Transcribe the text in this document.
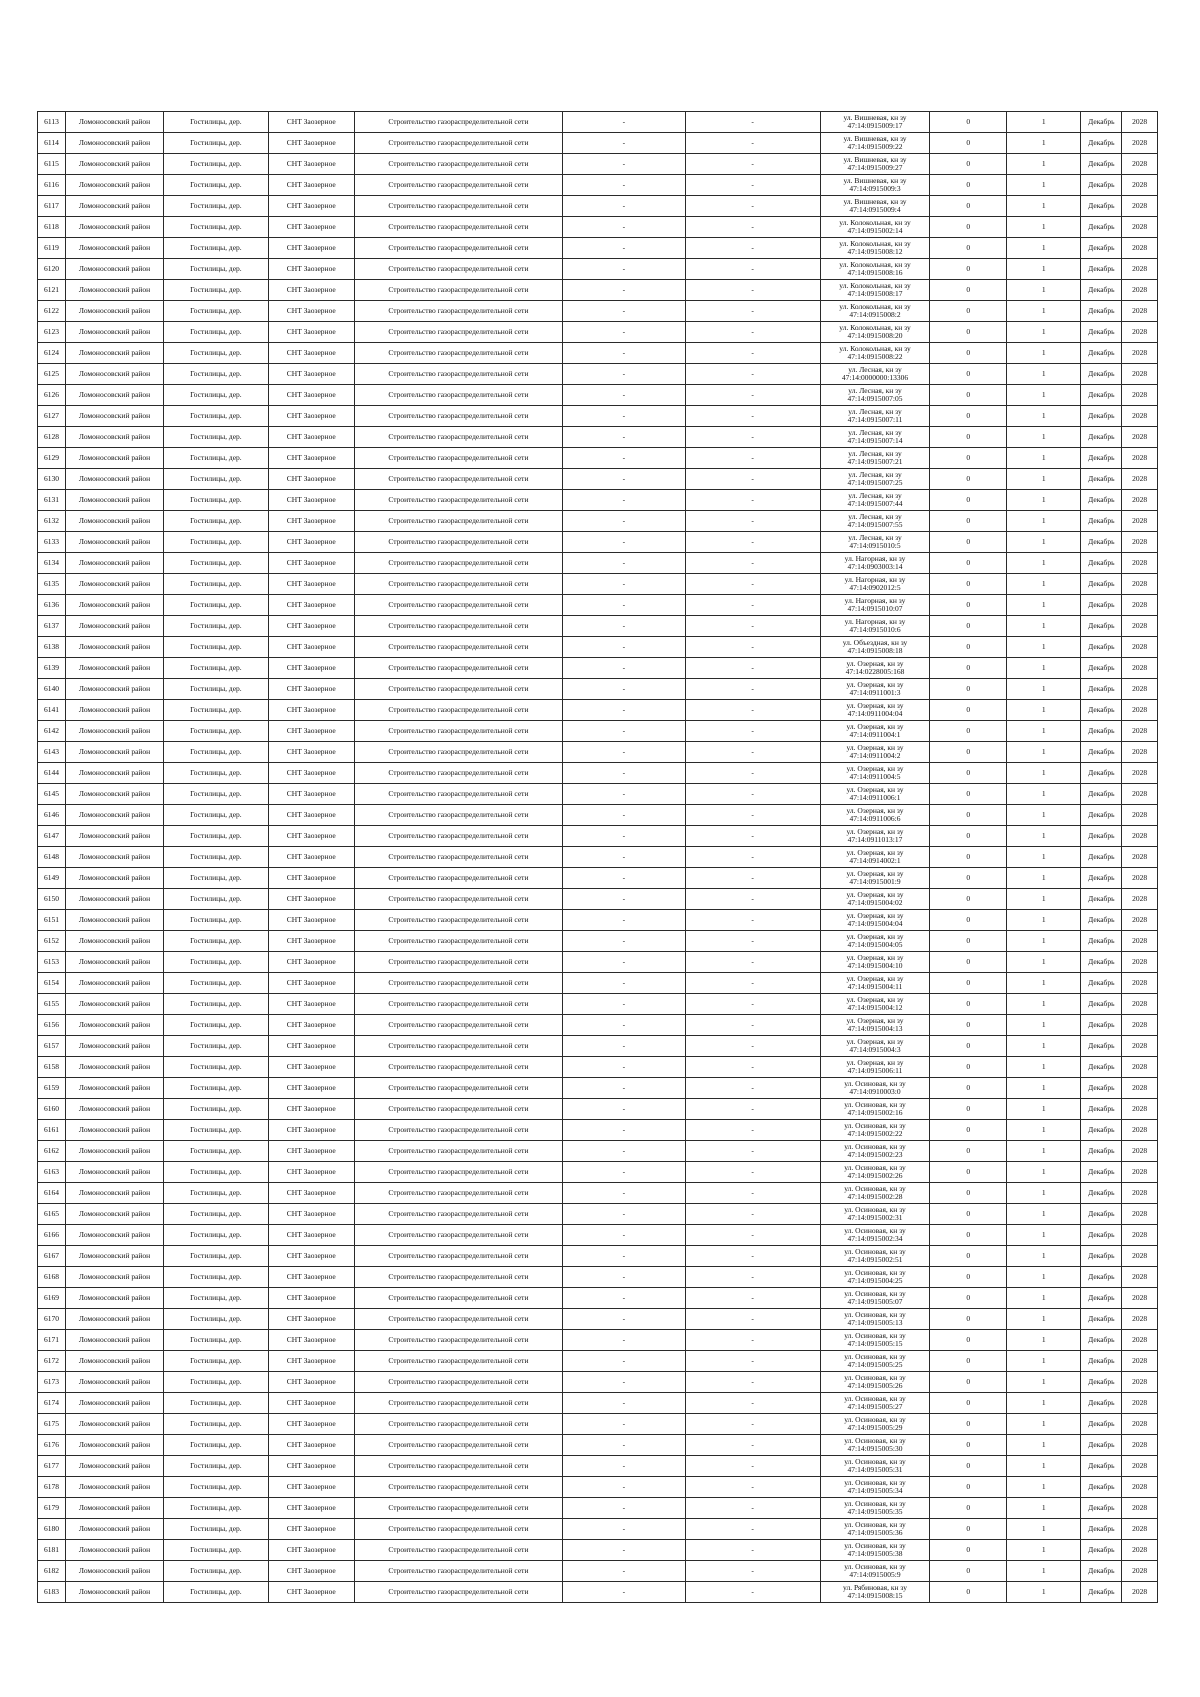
6113	Ломоносовский район	Гостилицы, дер.	СНТ Заозерное	Строительство газораспределительной сети	-	-	ул. Вишневая, кн зу 47:14:0915009:17	0	1	Декабрь	2028
6114	Ломоносовский район	Гостилицы, дер.	СНТ Заозерное	Строительство газораспределительной сети	-	-	ул. Вишневая, кн зу 47:14:0915009:22	0	1	Декабрь	2028
6115	Ломоносовский район	Гостилицы, дер.	СНТ Заозерное	Строительство газораспределительной сети	-	-	ул. Вишневая, кн зу 47:14:0915009:27	0	1	Декабрь	2028
6116	Ломоносовский район	Гостилицы, дер.	СНТ Заозерное	Строительство газораспределительной сети	-	-	ул. Вишневая, кн зу 47:14:0915009:3	0	1	Декабрь	2028
6117	Ломоносовский район	Гостилицы, дер.	СНТ Заозерное	Строительство газораспределительной сети	-	-	ул. Вишневая, кн зу 47:14:0915009:4	0	1	Декабрь	2028
6118	Ломоносовский район	Гостилицы, дер.	СНТ Заозерное	Строительство газораспределительной сети	-	-	ул. Колокольная, кн зу 47:14:0915002:14	0	1	Декабрь	2028
6119	Ломоносовский район	Гостилицы, дер.	СНТ Заозерное	Строительство газораспределительной сети	-	-	ул. Колокольная, кн зу 47:14:0915008:12	0	1	Декабрь	2028
6120	Ломоносовский район	Гостилицы, дер.	СНТ Заозерное	Строительство газораспределительной сети	-	-	ул. Колокольная, кн зу 47:14:0915008:16	0	1	Декабрь	2028
6121	Ломоносовский район	Гостилицы, дер.	СНТ Заозерное	Строительство газораспределительной сети	-	-	ул. Колокольная, кн зу 47:14:0915008:17	0	1	Декабрь	2028
6122	Ломоносовский район	Гостилицы, дер.	СНТ Заозерное	Строительство газораспределительной сети	-	-	ул. Колокольная, кн зу 47:14:0915008:2	0	1	Декабрь	2028
6123	Ломоносовский район	Гостилицы, дер.	СНТ Заозерное	Строительство газораспределительной сети	-	-	ул. Колокольная, кн зу 47:14:0915008:20	0	1	Декабрь	2028
6124	Ломоносовский район	Гостилицы, дер.	СНТ Заозерное	Строительство газораспределительной сети	-	-	ул. Колокольная, кн зу 47:14:0915008:22	0	1	Декабрь	2028
6125	Ломоносовский район	Гостилицы, дер.	СНТ Заозерное	Строительство газораспределительной сети	-	-	ул. Лесная, кн зу 47:14:0000000:13306	0	1	Декабрь	2028
6126	Ломоносовский район	Гостилицы, дер.	СНТ Заозерное	Строительство газораспределительной сети	-	-	ул. Лесная, кн зу 47:14:0915007:05	0	1	Декабрь	2028
6127	Ломоносовский район	Гостилицы, дер.	СНТ Заозерное	Строительство газораспределительной сети	-	-	ул. Лесная, кн зу 47:14:0915007:11	0	1	Декабрь	2028
6128	Ломоносовский район	Гостилицы, дер.	СНТ Заозерное	Строительство газораспределительной сети	-	-	ул. Лесная, кн зу 47:14:0915007:14	0	1	Декабрь	2028
6129	Ломоносовский район	Гостилицы, дер.	СНТ Заозерное	Строительство газораспределительной сети	-	-	ул. Лесная, кн зу 47:14:0915007:21	0	1	Декабрь	2028
6130	Ломоносовский район	Гостилицы, дер.	СНТ Заозерное	Строительство газораспределительной сети	-	-	ул. Лесная, кн зу 47:14:0915007:25	0	1	Декабрь	2028
6131	Ломоносовский район	Гостилицы, дер.	СНТ Заозерное	Строительство газораспределительной сети	-	-	ул. Лесная, кн зу 47:14:0915007:44	0	1	Декабрь	2028
6132	Ломоносовский район	Гостилицы, дер.	СНТ Заозерное	Строительство газораспределительной сети	-	-	ул. Лесная, кн зу 47:14:0915007:55	0	1	Декабрь	2028
6133	Ломоносовский район	Гостилицы, дер.	СНТ Заозерное	Строительство газораспределительной сети	-	-	ул. Лесная, кн зу 47:14:0915010:5	0	1	Декабрь	2028
6134	Ломоносовский район	Гостилицы, дер.	СНТ Заозерное	Строительство газораспределительной сети	-	-	ул. Нагорная, кн зу 47:14:0903003:14	0	1	Декабрь	2028
6135	Ломоносовский район	Гостилицы, дер.	СНТ Заозерное	Строительство газораспределительной сети	-	-	ул. Нагорная, кн зу 47:14:0902012:5	0	1	Декабрь	2028
6136	Ломоносовский район	Гостилицы, дер.	СНТ Заозерное	Строительство газораспределительной сети	-	-	ул. Нагорная, кн зу 47:14:0915010:07	0	1	Декабрь	2028
6137	Ломоносовский район	Гостилицы, дер.	СНТ Заозерное	Строительство газораспределительной сети	-	-	ул. Нагорная, кн зу 47:14:0915010:6	0	1	Декабрь	2028
6138	Ломоносовский район	Гостилицы, дер.	СНТ Заозерное	Строительство газораспределительной сети	-	-	ул. Объездная, кн зу 47:14:0915008:18	0	1	Декабрь	2028
6139	Ломоносовский район	Гостилицы, дер.	СНТ Заозерное	Строительство газораспределительной сети	-	-	ул. Озерная, кн зу 47:14:0228005:168	0	1	Декабрь	2028
6140	Ломоносовский район	Гостилицы, дер.	СНТ Заозерное	Строительство газораспределительной сети	-	-	ул. Озерная, кн зу 47:14:0911001:3	0	1	Декабрь	2028
6141	Ломоносовский район	Гостилицы, дер.	СНТ Заозерное	Строительство газораспределительной сети	-	-	ул. Озерная, кн зу 47:14:0911004:04	0	1	Декабрь	2028
6142	Ломоносовский район	Гостилицы, дер.	СНТ Заозерное	Строительство газораспределительной сети	-	-	ул. Озерная, кн зу 47:14:0911004:1	0	1	Декабрь	2028
6143	Ломоносовский район	Гостилицы, дер.	СНТ Заозерное	Строительство газораспределительной сети	-	-	ул. Озерная, кн зу 47:14:0911004:2	0	1	Декабрь	2028
6144	Ломоносовский район	Гостилицы, дер.	СНТ Заозерное	Строительство газораспределительной сети	-	-	ул. Озерная, кн зу 47:14:0911004:5	0	1	Декабрь	2028
6145	Ломоносовский район	Гостилицы, дер.	СНТ Заозерное	Строительство газораспределительной сети	-	-	ул. Озерная, кн зу 47:14:0911006:1	0	1	Декабрь	2028
6146	Ломоносовский район	Гостилицы, дер.	СНТ Заозерное	Строительство газораспределительной сети	-	-	ул. Озерная, кн зу 47:14:0911006:6	0	1	Декабрь	2028
6147	Ломоносовский район	Гостилицы, дер.	СНТ Заозерное	Строительство газораспределительной сети	-	-	ул. Озерная, кн зу 47:14:0911013:17	0	1	Декабрь	2028
6148	Ломоносовский район	Гостилицы, дер.	СНТ Заозерное	Строительство газораспределительной сети	-	-	ул. Озерная, кн зу 47:14:0914002:1	0	1	Декабрь	2028
6149	Ломоносовский район	Гостилицы, дер.	СНТ Заозерное	Строительство газораспределительной сети	-	-	ул. Озерная, кн зу 47:14:0915001:9	0	1	Декабрь	2028
6150	Ломоносовский район	Гостилицы, дер.	СНТ Заозерное	Строительство газораспределительной сети	-	-	ул. Озерная, кн зу 47:14:0915004:02	0	1	Декабрь	2028
6151	Ломоносовский район	Гостилицы, дер.	СНТ Заозерное	Строительство газораспределительной сети	-	-	ул. Озерная, кн зу 47:14:0915004:04	0	1	Декабрь	2028
6152	Ломоносовский район	Гостилицы, дер.	СНТ Заозерное	Строительство газораспределительной сети	-	-	ул. Озерная, кн зу 47:14:0915004:05	0	1	Декабрь	2028
6153	Ломоносовский район	Гостилицы, дер.	СНТ Заозерное	Строительство газораспределительной сети	-	-	ул. Озерная, кн зу 47:14:0915004:10	0	1	Декабрь	2028
6154	Ломоносовский район	Гостилицы, дер.	СНТ Заозерное	Строительство газораспределительной сети	-	-	ул. Озерная, кн зу 47:14:0915004:11	0	1	Декабрь	2028
6155	Ломоносовский район	Гостилицы, дер.	СНТ Заозерное	Строительство газораспределительной сети	-	-	ул. Озерная, кн зу 47:14:0915004:12	0	1	Декабрь	2028
6156	Ломоносовский район	Гостилицы, дер.	СНТ Заозерное	Строительство газораспределительной сети	-	-	ул. Озерная, кн зу 47:14:0915004:13	0	1	Декабрь	2028
6157	Ломоносовский район	Гостилицы, дер.	СНТ Заозерное	Строительство газораспределительной сети	-	-	ул. Озерная, кн зу 47:14:0915004:3	0	1	Декабрь	2028
6158	Ломоносовский район	Гостилицы, дер.	СНТ Заозерное	Строительство газораспределительной сети	-	-	ул. Озерная, кн зу 47:14:0915006:11	0	1	Декабрь	2028
6159	Ломоносовский район	Гостилицы, дер.	СНТ Заозерное	Строительство газораспределительной сети	-	-	ул. Осиновая, кн зу 47:14:0910003:0	0	1	Декабрь	2028
6160	Ломоносовский район	Гостилицы, дер.	СНТ Заозерное	Строительство газораспределительной сети	-	-	ул. Осиновая, кн зу 47:14:0915002:16	0	1	Декабрь	2028
6161	Ломоносовский район	Гостилицы, дер.	СНТ Заозерное	Строительство газораспределительной сети	-	-	ул. Осиновая, кн зу 47:14:0915002:22	0	1	Декабрь	2028
6162	Ломоносовский район	Гостилицы, дер.	СНТ Заозерное	Строительство газораспределительной сети	-	-	ул. Осиновая, кн зу 47:14:0915002:23	0	1	Декабрь	2028
6163	Ломоносовский район	Гостилицы, дер.	СНТ Заозерное	Строительство газораспределительной сети	-	-	ул. Осиновая, кн зу 47:14:0915002:26	0	1	Декабрь	2028
6164	Ломоносовский район	Гостилицы, дер.	СНТ Заозерное	Строительство газораспределительной сети	-	-	ул. Осиновая, кн зу 47:14:0915002:28	0	1	Декабрь	2028
6165	Ломоносовский район	Гостилицы, дер.	СНТ Заозерное	Строительство газораспределительной сети	-	-	ул. Осиновая, кн зу 47:14:0915002:31	0	1	Декабрь	2028
6166	Ломоносовский район	Гостилицы, дер.	СНТ Заозерное	Строительство газораспределительной сети	-	-	ул. Осиновая, кн зу 47:14:0915002:34	0	1	Декабрь	2028
6167	Ломоносовский район	Гостилицы, дер.	СНТ Заозерное	Строительство газораспределительной сети	-	-	ул. Осиновая, кн зу 47:14:0915002:51	0	1	Декабрь	2028
6168	Ломоносовский район	Гостилицы, дер.	СНТ Заозерное	Строительство газораспределительной сети	-	-	ул. Осиновая, кн зу 47:14:0915004:25	0	1	Декабрь	2028
6169	Ломоносовский район	Гостилицы, дер.	СНТ Заозерное	Строительство газораспределительной сети	-	-	ул. Осиновая, кн зу 47:14:0915005:07	0	1	Декабрь	2028
6170	Ломоносовский район	Гостилицы, дер.	СНТ Заозерное	Строительство газораспределительной сети	-	-	ул. Осиновая, кн зу 47:14:0915005:13	0	1	Декабрь	2028
6171	Ломоносовский район	Гостилицы, дер.	СНТ Заозерное	Строительство газораспределительной сети	-	-	ул. Осиновая, кн зу 47:14:0915005:15	0	1	Декабрь	2028
6172	Ломоносовский район	Гостилицы, дер.	СНТ Заозерное	Строительство газораспределительной сети	-	-	ул. Осиновая, кн зу 47:14:0915005:25	0	1	Декабрь	2028
6173	Ломоносовский район	Гостилицы, дер.	СНТ Заозерное	Строительство газораспределительной сети	-	-	ул. Осиновая, кн зу 47:14:0915005:26	0	1	Декабрь	2028
6174	Ломоносовский район	Гостилицы, дер.	СНТ Заозерное	Строительство газораспределительной сети	-	-	ул. Осиновая, кн зу 47:14:0915005:27	0	1	Декабрь	2028
6175	Ломоносовский район	Гостилицы, дер.	СНТ Заозерное	Строительство газораспределительной сети	-	-	ул. Осиновая, кн зу 47:14:0915005:29	0	1	Декабрь	2028
6176	Ломоносовский район	Гостилицы, дер.	СНТ Заозерное	Строительство газораспределительной сети	-	-	ул. Осиновая, кн зу 47:14:0915005:30	0	1	Декабрь	2028
6177	Ломоносовский район	Гостилицы, дер.	СНТ Заозерное	Строительство газораспределительной сети	-	-	ул. Осиновая, кн зу 47:14:0915005:31	0	1	Декабрь	2028
6178	Ломоносовский район	Гостилицы, дер.	СНТ Заозерное	Строительство газораспределительной сети	-	-	ул. Осиновая, кн зу 47:14:0915005:34	0	1	Декабрь	2028
6179	Ломоносовский район	Гостилицы, дер.	СНТ Заозерное	Строительство газораспределительной сети	-	-	ул. Осиновая, кн зу 47:14:0915005:35	0	1	Декабрь	2028
6180	Ломоносовский район	Гостилицы, дер.	СНТ Заозерное	Строительство газораспределительной сети	-	-	ул. Осиновая, кн зу 47:14:0915005:36	0	1	Декабрь	2028
6181	Ломоносовский район	Гостилицы, дер.	СНТ Заозерное	Строительство газораспределительной сети	-	-	ул. Осиновая, кн зу 47:14:0915005:38	0	1	Декабрь	2028
6182	Ломоносовский район	Гостилицы, дер.	СНТ Заозерное	Строительство газораспределительной сети	-	-	ул. Осиновая, кн зу 47:14:0915005:9	0	1	Декабрь	2028
6183	Ломоносовский район	Гостилицы, дер.	СНТ Заозерное	Строительство газораспределительной сети	-	-	ул. Рябиновая, кн зу 47:14:0915008:15	0	1	Декабрь	2028
